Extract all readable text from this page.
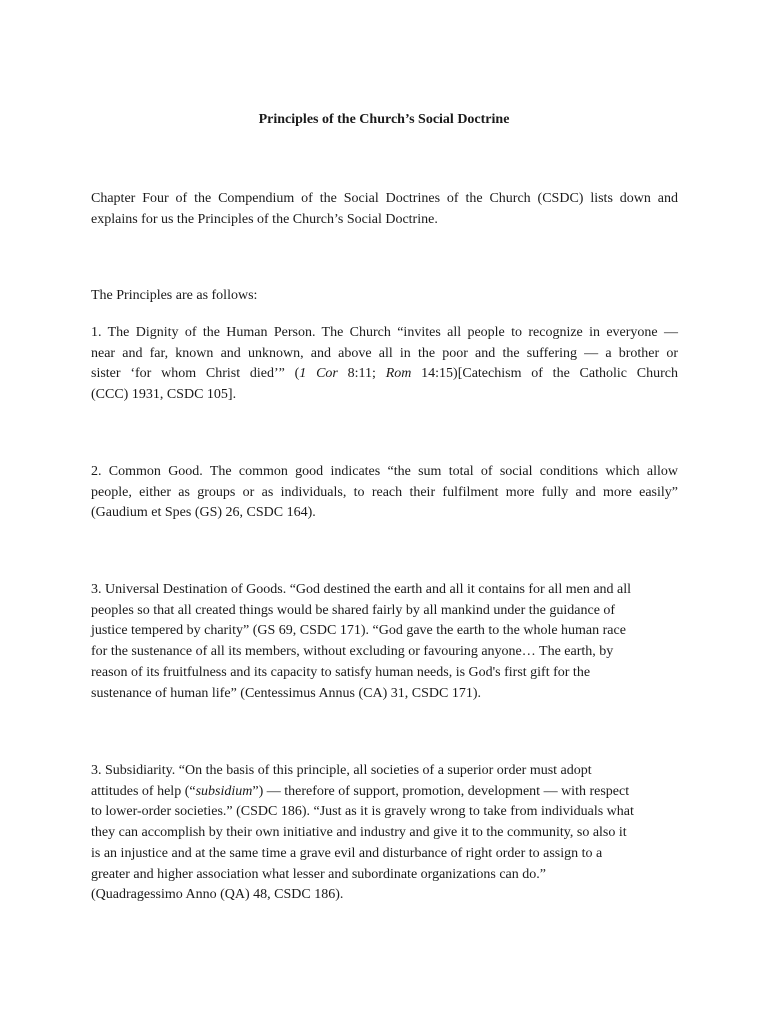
Principles of the Church’s Social Doctrine
Chapter Four of the Compendium of the Social Doctrines of the Church (CSDC) lists down and
explains for us the Principles of the Church’s Social Doctrine.
The Principles are as follows:
1. The Dignity of the Human Person. The Church “invites all people to recognize in everyone —
near and far, known and unknown, and above all in the poor and the suffering — a brother or
sister ‘for whom Christ died’” (1 Cor 8:11; Rom 14:15)[Catechism of the Catholic Church
(CCC) 1931, CSDC 105].
2. Common Good. The common good indicates “the sum total of social conditions which allow
people, either as groups or as individuals, to reach their fulfilment more fully and more easily”
(Gaudium et Spes (GS) 26, CSDC 164).
3. Universal Destination of Goods. “God destined the earth and all it contains for all men and all
peoples so that all created things would be shared fairly by all mankind under the guidance of
justice tempered by charity” (GS 69, CSDC 171). “God gave the earth to the whole human race
for the sustenance of all its members, without excluding or favouring anyone… The earth, by
reason of its fruitfulness and its capacity to satisfy human needs, is God's first gift for the
sustenance of human life” (Centessimus Annus (CA) 31, CSDC 171).
3. Subsidiarity. “On the basis of this principle, all societies of a superior order must adopt
attitudes of help (“subsidium”) — therefore of support, promotion, development — with respect
to lower-order societies.” (CSDC 186). “Just as it is gravely wrong to take from individuals what
they can accomplish by their own initiative and industry and give it to the community, so also it
is an injustice and at the same time a grave evil and disturbance of right order to assign to a
greater and higher association what lesser and subordinate organizations can do.”
(Quadragessimo Anno (QA) 48, CSDC 186).
